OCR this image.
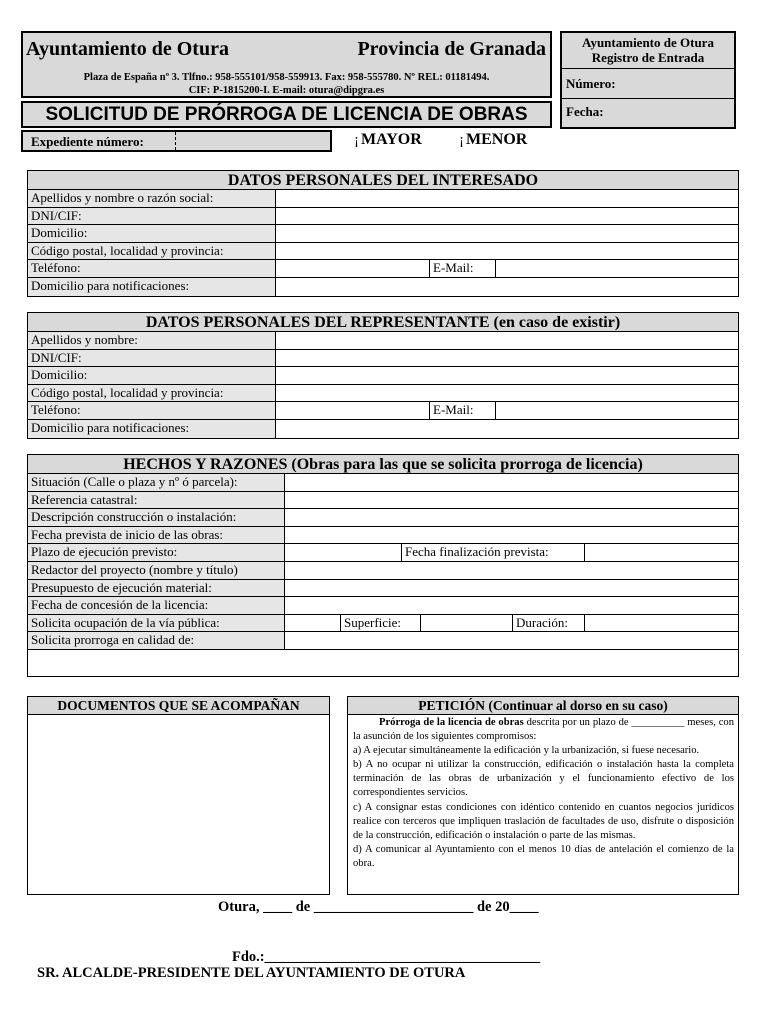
Ayuntamiento de Otura	Provincia de Granada
Plaza de España nº 3. Tlfno.: 958-555101/958-559913. Fax: 958-555780. Nº REL: 01181494.
CIF: P-1815200-I. E-mail: otura@dipgra.es
Ayuntamiento de Otura
Registro de Entrada
Número:
Fecha:
SOLICITUD DE PRÓRROGA DE LICENCIA DE OBRAS
Expediente número:	¡ MAYOR ¡ MENOR
DATOS PERSONALES DEL INTERESADO
Apellidos y nombre o razón social:
DNI/CIF:
Domicilio:
Código postal, localidad y provincia:
Teléfono:	E-Mail:
Domicilio para notificaciones:
DATOS PERSONALES DEL REPRESENTANTE (en caso de existir)
Apellidos y nombre:
DNI/CIF:
Domicilio:
Código postal, localidad y provincia:
Teléfono:	E-Mail:
Domicilio para notificaciones:
HECHOS Y RAZONES (Obras para las que se solicita prorroga de licencia)
Situación (Calle o plaza y nº ó parcela):
Referencia catastral:
Descripción construcción o instalación:
Fecha prevista de inicio de las obras:
Plazo de ejecución previsto:	Fecha finalización prevista:
Redactor del proyecto (nombre y título)
Presupuesto de ejecución material:
Fecha de concesión de la licencia:
Solicita ocupación de la vía pública:	Superficie:	Duración:
Solicita prorroga en calidad de:
DOCUMENTOS QUE SE ACOMPAÑAN	PETICIÓN (Continuar al dorso en su caso)

Prórroga de la licencia de obras descrita por un plazo de __________ meses, con la asunción de los siguientes compromisos:

a) A ejecutar simultáneamente la edificación y la urbanización, si fuese necesario.

b) A no ocupar ni utilizar la construcción, edificación o instalación hasta la completa terminación de las obras de urbanización y el funcionamiento efectivo de los correspondientes servicios.

c) A consignar estas condiciones con idéntico contenido en cuantos negocios jurídicos realice con terceros que impliquen traslación de facultades de uso, disfrute o disposición de la construcción, edificación o instalación o parte de las mismas.

d) A comunicar al Ayuntamiento con el menos 10 días de antelación el comienzo de la obra.

Otura, ____ de ______________________ de 20____
Fdo.:______________________________________
SR. ALCALDE-PRESIDENTE DEL AYUNTAMIENTO DE OTURA
